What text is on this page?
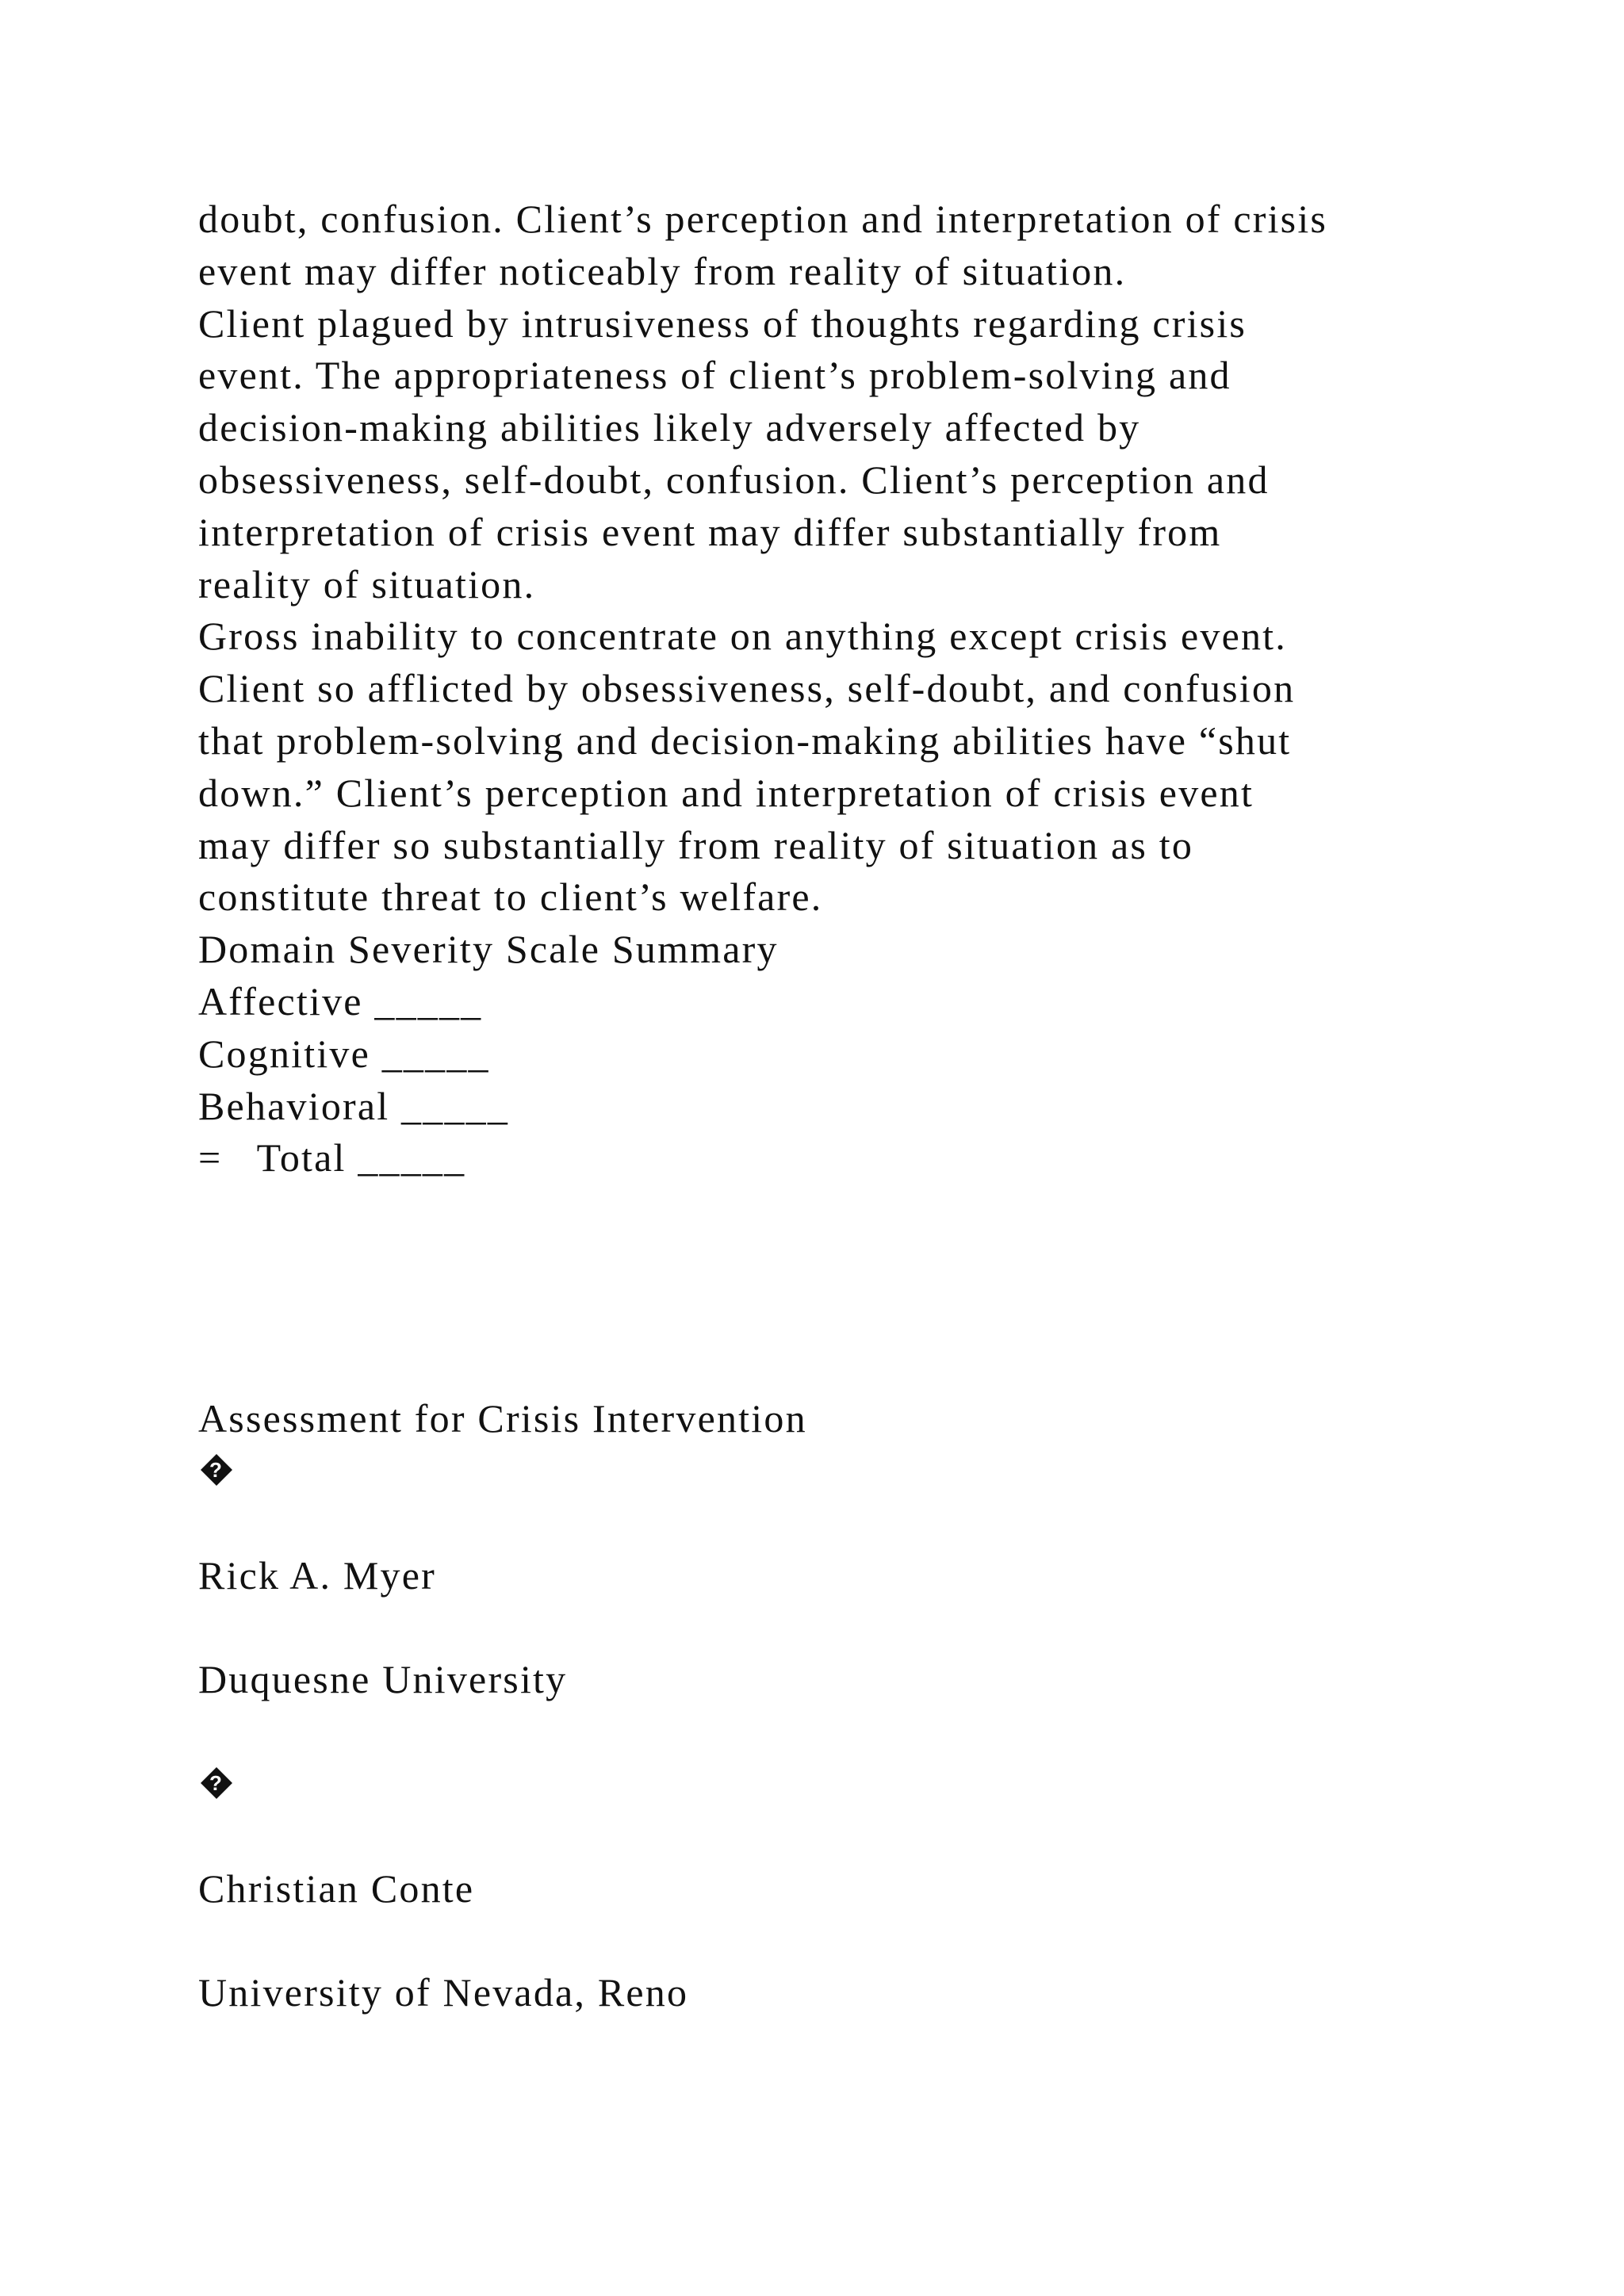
doubt, confusion. Client’s perception and interpretation of crisis
event may differ noticeably from reality of situation.
Client plagued by intrusiveness of thoughts regarding crisis
event. The appropriateness of client’s problem-solving and
decision-making abilities likely adversely affected by
obsessiveness, self-doubt, confusion. Client’s perception and
interpretation of crisis event may differ substantially from
reality of situation.
Gross inability to concentrate on anything except crisis event.
Client so afflicted by obsessiveness, self-doubt, and confusion
that problem-solving and decision-making abilities have “shut
down.” Client’s perception and interpretation of crisis event
may differ so substantially from reality of situation as to
constitute threat to client’s welfare.
Domain Severity Scale Summary
Affective _____
Cognitive _____
Behavioral _____
=   Total _____
Assessment for Crisis Intervention
?
Rick A. Myer
Duquesne University
?
Christian Conte
University of Nevada, Reno
